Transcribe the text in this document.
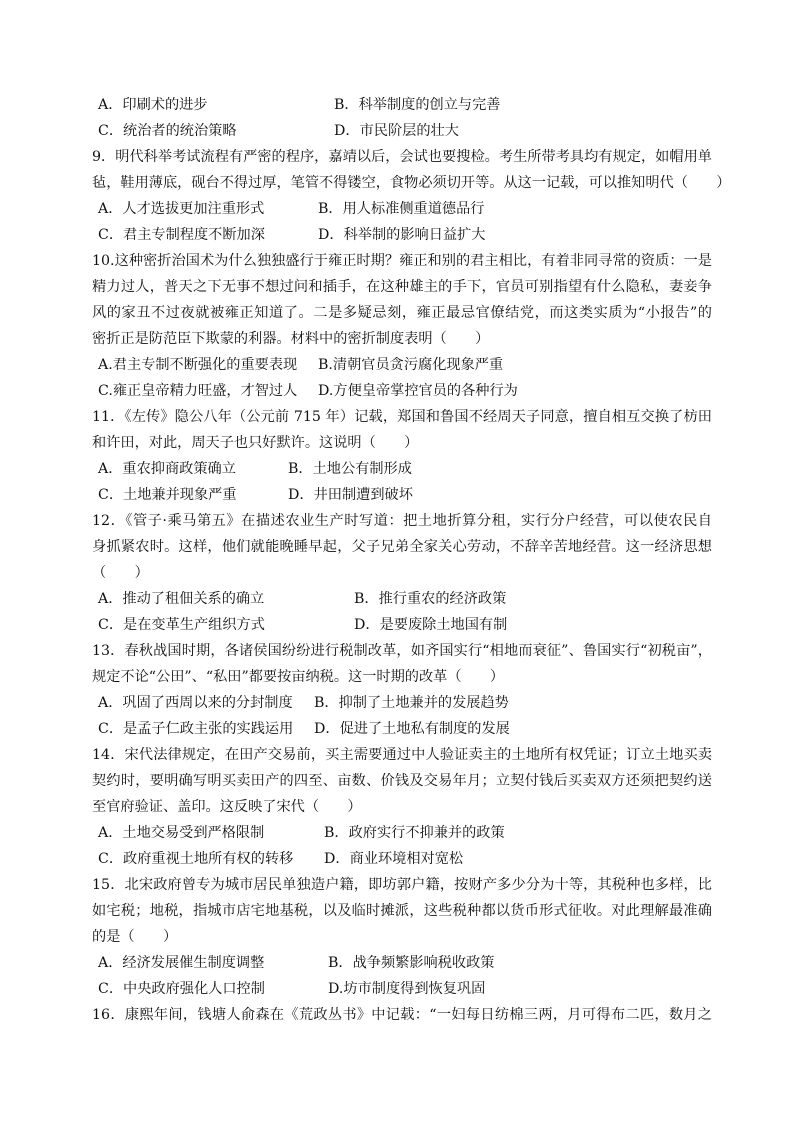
A．印刷术的进步	B．科举制度的创立与完善
C．统治者的统治策略	D．市民阶层的壮大
9．明代科举考试流程有严密的程序，嘉靖以后，会试也要搜检。考生所带考具均有规定，如帽用单
毡，鞋用薄底，砚台不得过厚，笔管不得镂空，食物必须切开等。从这一记载，可以推知明代（　　）
A．人才选拔更加注重形式	B．用人标准侧重道德品行
C．君主专制程度不断加深	D．科举制的影响日益扩大
10.这种密折治国术为什么独独盛行于雍正时期？雍正和别的君主相比，有着非同寻常的资质：一是
精力过人，普天之下无事不想过问和插手，在这种雄主的手下，官员可别指望有什么隐私，妻妾争
风的家丑不过夜就被雍正知道了。二是多疑忌刻，雍正最忌官僚结党，而这类实质为“小报告”的
密折正是防范臣下欺蒙的利器。材料中的密折制度表明（　　）
A.君主专制不断强化的重要表现 B.清朝官员贪污腐化现象严重
C.雍正皇帝精力旺盛，才智过人 D.方便皇帝掌控官员的各种行为
11．《左传》隐公八年（公元前 715 年）记载，郑国和鲁国不经周天子同意，擅自相互交换了枋田
和许田，对此，周天子也只好默许。这说明（　　）
A．重农抑商政策确立	B．土地公有制形成
C．土地兼并现象严重	D．井田制遭到破坏
12．《管子·乘马第五》在描述农业生产时写道：把土地折算分租，实行分户经营，可以使农民自
身抓紧农时。这样，他们就能晚睡早起，父子兄弟全家关心劳动，不辞辛苦地经营。这一经济思想
（　　）
A．推动了租佃关系的确立	B．推行重农的经济政策
C．是在变革生产组织方式	D．是要废除土地国有制
13．春秋战国时期，各诸侯国纷纷进行税制改革，如齐国实行“相地而衰征”、鲁国实行“初税亩”，
规定不论“公田”、“私田”都要按亩纳税。这一时期的改革（　　）
A．巩固了西周以来的分封制度 B．抑制了土地兼并的发展趋势
C．是孟子仁政主张的实践运用 D．促进了土地私有制度的发展
14．宋代法律规定，在田产交易前，买主需要通过中人验证卖主的土地所有权凭证；订立土地买卖
契约时，要明确写明买卖田产的四至、亩数、价钱及交易年月；立契付钱后买卖双方还须把契约送
至官府验证、盖印。这反映了宋代（　　）
A．土地交易受到严格限制	B．政府实行不抑兼并的政策
C．政府重视土地所有权的转移 D．商业环境相对宽松
15．北宋政府曾专为城市居民单独造户籍，即坊郭户籍，按财产多少分为十等，其税种也多样，比
如宅税；地税，指城市店宅地基税，以及临时摊派，这些税种都以货币形式征收。对此理解最准确
的是（　　）
A．经济发展催生制度调整	B．战争频繁影响税收政策
C．中央政府强化人口控制	D.坊市制度得到恢复巩固
16．康熙年间，钱塘人俞森在《荒政丛书》中记载：“一妇每日纺棉三两，月可得布二匹，数月之
